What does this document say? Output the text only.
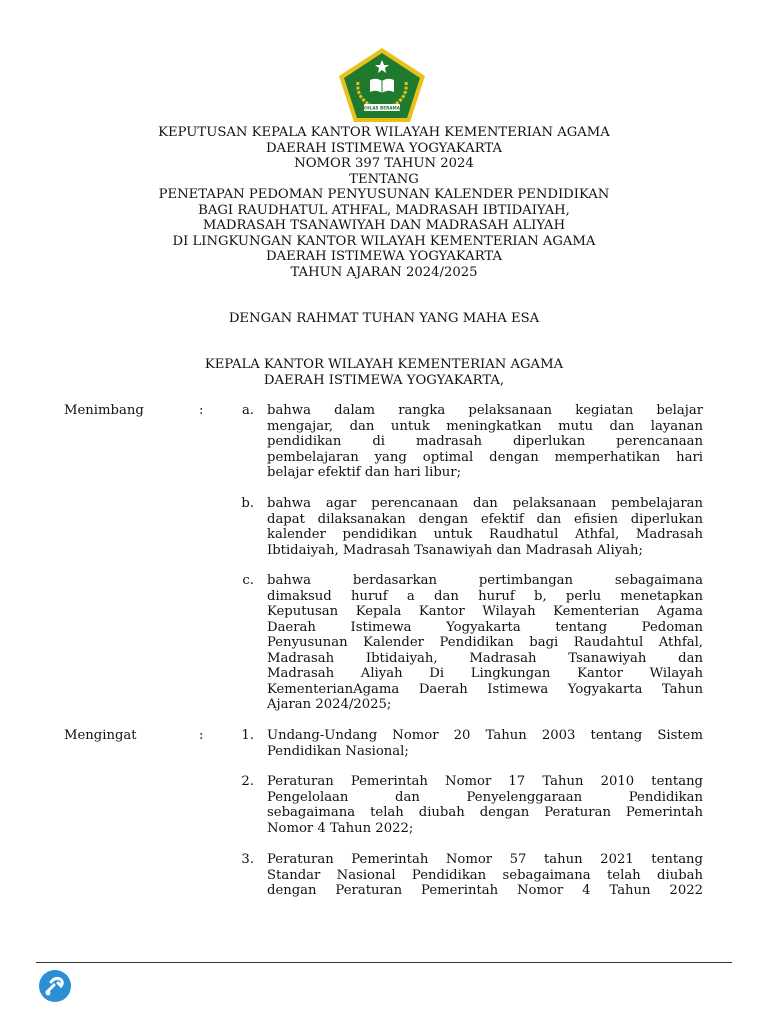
IKHLAS BERAMAL
KEPUTUSAN KEPALA KANTOR WILAYAH KEMENTERIAN AGAMA
DAERAH ISTIMEWA YOGYAKARTA
NOMOR 397 TAHUN 2024
TENTANG
PENETAPAN PEDOMAN PENYUSUNAN KALENDER PENDIDIKAN
BAGI RAUDHATUL ATHFAL, MADRASAH IBTIDAIYAH,
MADRASAH TSANAWIYAH DAN MADRASAH ALIYAH
DI LINGKUNGAN KANTOR WILAYAH KEMENTERIAN AGAMA
DAERAH ISTIMEWA YOGYAKARTA
TAHUN AJARAN 2024/2025
DENGAN RAHMAT TUHAN YANG MAHA ESA
KEPALA KANTOR WILAYAH KEMENTERIAN AGAMA
DAERAH ISTIMEWA YOGYAKARTA,
Menimbang	:	a. bahwa dalam rangka pelaksanaan kegiatan belajar
mengajar, dan untuk meningkatkan mutu dan layanan
pendidikan di madrasah diperlukan perencanaan
pembelajaran yang optimal dengan memperhatikan hari
belajar efektif dan hari libur;
b. bahwa agar perencanaan dan pelaksanaan pembelajaran
dapat dilaksanakan dengan efektif dan efisien diperlukan
kalender pendidikan untuk Raudhatul Athfal, Madrasah
Ibtidaiyah, Madrasah Tsanawiyah dan Madrasah Aliyah;
c. bahwa berdasarkan pertimbangan sebagaimana
dimaksud huruf a dan huruf b, perlu menetapkan
Keputusan Kepala Kantor Wilayah Kementerian Agama
Daerah Istimewa Yogyakarta tentang Pedoman
Penyusunan Kalender Pendidikan bagi Raudahtul Athfal,
Madrasah Ibtidaiyah, Madrasah Tsanawiyah dan
Madrasah Aliyah Di Lingkungan Kantor Wilayah
KementerianAgama Daerah Istimewa Yogyakarta Tahun
Ajaran 2024/2025;
Mengingat	:	1. Undang-Undang Nomor 20 Tahun 2003 tentang Sistem
Pendidikan Nasional;
2. Peraturan Pemerintah Nomor 17 Tahun 2010 tentang
Pengelolaan dan Penyelenggaraan Pendidikan
sebagaimana telah diubah dengan Peraturan Pemerintah
Nomor 4 Tahun 2022;
3. Peraturan Pemerintah Nomor 57 tahun 2021 tentang
Standar Nasional Pendidikan sebagaimana telah diubah
dengan Peraturan Pemerintah Nomor 4 Tahun 2022
